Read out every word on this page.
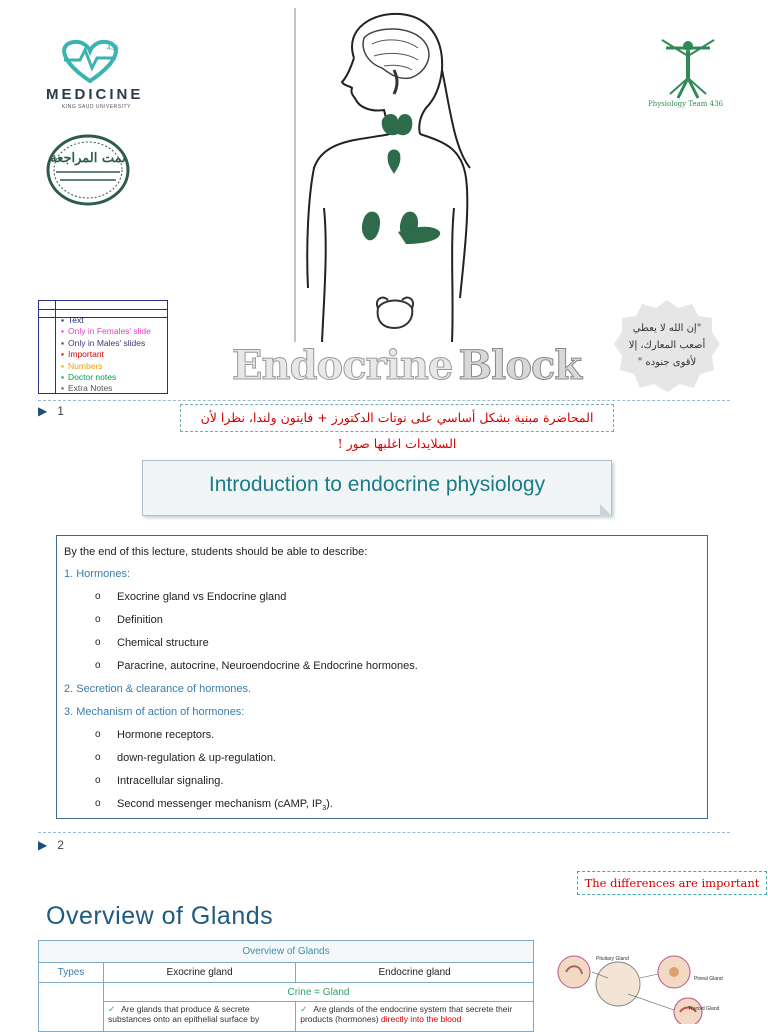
436
MEDICINE
KING SAUD UNIVERSITY
تمت المراجعة
Physiology Team 436
▪ Text
▪ Only in Females' slide
▪ Only in Males' slides
▪ Important
▪ Numbers
▪ Doctor notes
▪ Extra Notes
"إن الله لا يعطي أصعب المعارك، إلا لأقوى جنوده "
Endocrine Block
▶ 1	المحاضرة مبنية بشكل أساسي على نوتات الدكتورز + فايتون ولندا، نظرا لأن السلايدات اغلبها صور !
Introduction to endocrine physiology
By the end of this lecture, students should be able to describe:
1. Hormones:
o Exocrine gland vs Endocrine gland
o Definition
o Chemical structure
o Paracrine, autocrine, Neuroendocrine & Endocrine hormones.
2. Secretion & clearance of hormones.
3. Mechanism of action of hormones:
o Hormone receptors.
o down-regulation & up-regulation.
o Intracellular signaling.
o Second messenger mechanism (cAMP, $IP_3$).
▶ 2
The differences are important
Overview of Glands
Overview of Glands		
Types	Exocrine gland	Endocrine gland
	Crine = Gland	
	✓ Are glands that produce & secrete substances onto an epithelial surface by	✓ Are glands of the endocrine system that secrete their products (hormones) directly into the blood
Pituitary Gland
Pineal Gland
Thyroid Gland
